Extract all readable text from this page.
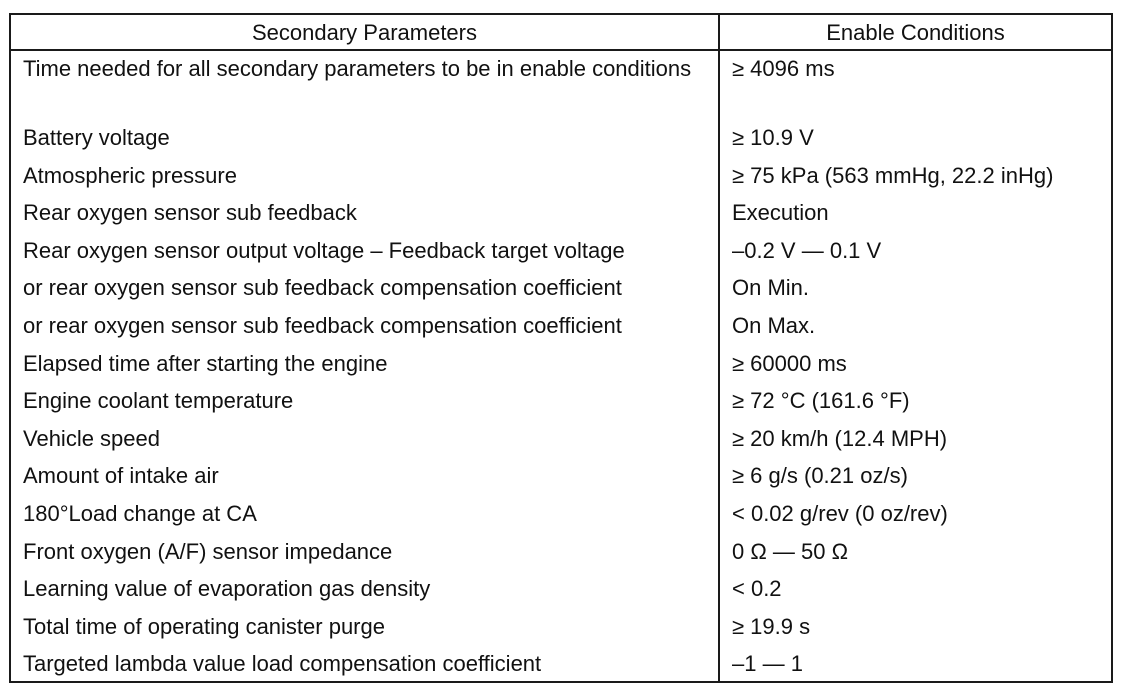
Secondary Parameters	Enable Conditions
Time needed for all secondary parameters to be in enable conditions	≥ 4096 ms
Battery voltage	≥ 10.9 V
Atmospheric pressure	≥ 75 kPa (563 mmHg, 22.2 inHg)
Rear oxygen sensor sub feedback	Execution
Rear oxygen sensor output voltage – Feedback target voltage	–0.2 V — 0.1 V
or rear oxygen sensor sub feedback compensation coefficient	On Min.
or rear oxygen sensor sub feedback compensation coefficient	On Max.
Elapsed time after starting the engine	≥ 60000 ms
Engine coolant temperature	≥ 72 °C (161.6 °F)
Vehicle speed	≥ 20 km/h (12.4 MPH)
Amount of intake air	≥ 6 g/s (0.21 oz/s)
180°Load change at CA	< 0.02 g/rev (0 oz/rev)
Front oxygen (A/F) sensor impedance	0 Ω — 50 Ω
Learning value of evaporation gas density	< 0.2
Total time of operating canister purge	≥ 19.9 s
Targeted lambda value load compensation coefficient	–1 — 1
